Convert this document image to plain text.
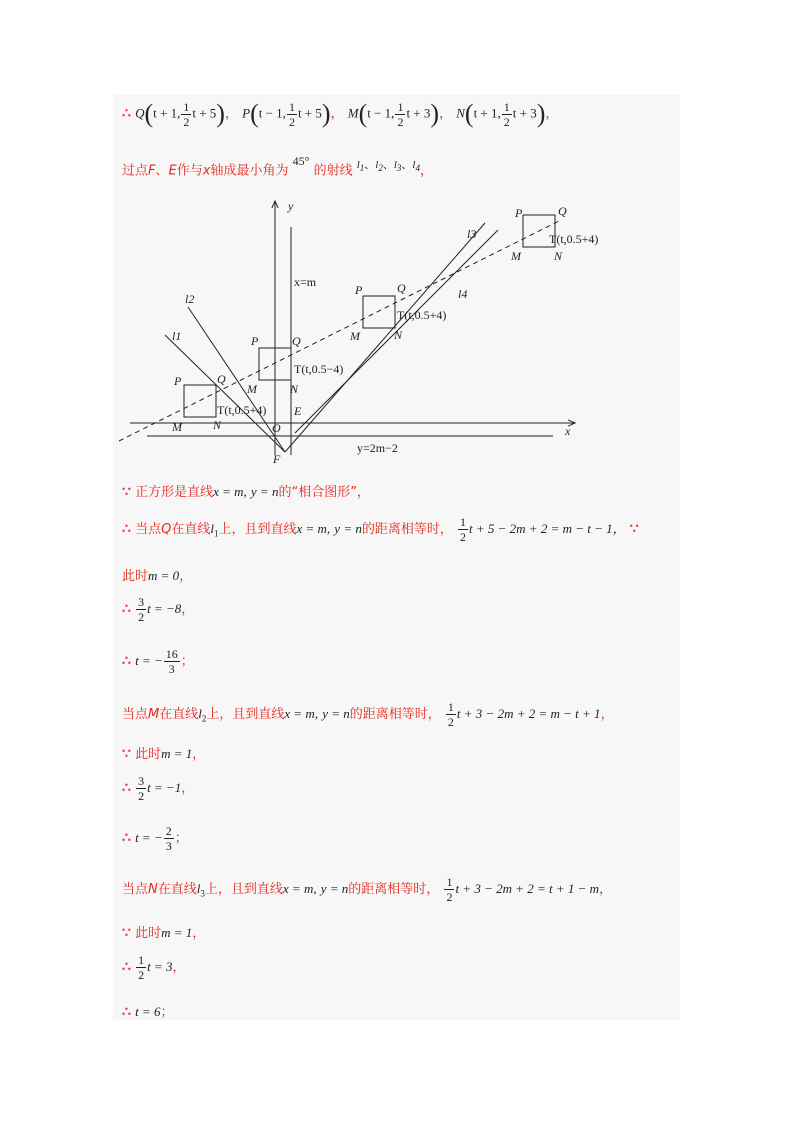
∴ Q(t + 1, $\frac{1}{2}$ t + 5)， P(t − 1, $\frac{1}{2}$ t + 5)， M(t − 1, $\frac{1}{2}$ t + 3)， N(t + 1, $\frac{1}{2}$ t + 3)，
过点F、E作与x轴成最小角为 $^{45^\circ}$ 的射线 $^{l_1、l_2、l_3、l_4}$，
y
x
O
E
F
x=m
y=2m−2
l1
l2
l3
l4
P	Q
M	N
T(t,0.5+4)
P	Q
M	N
T(t,0.5−4)
P	Q
M	N
T(t,0.5+4)
P	Q
M	N
T(t,0.5+4)
∵ 正方形是直线x = m, y = n的“相合图形”，
∴ 当点Q在直线$l_1$上，且到直线x = m, y = n的距离相等时， $\frac{1}{2}$ t + 5 − 2m + 2 = m − t − 1， ∵
此时m = 0，
∴ $\frac{3}{2}$ t = −8，
∴ t = − $\frac{16}{3}$ ；
当点M在直线$l_2$上，且到直线x = m, y = n的距离相等时， $\frac{1}{2}$ t + 3 − 2m + 2 = m − t + 1，
∵ 此时m = 1，
∴ $\frac{3}{2}$ t = −1，
∴ t = − $\frac{2}{3}$ ；
当点N在直线$l_3$上，且到直线x = m, y = n的距离相等时， $\frac{1}{2}$ t + 3 − 2m + 2 = t + 1 − m，
∵ 此时m = 1，
∴ $\frac{1}{2}$ t = 3，
∴ t = 6；
